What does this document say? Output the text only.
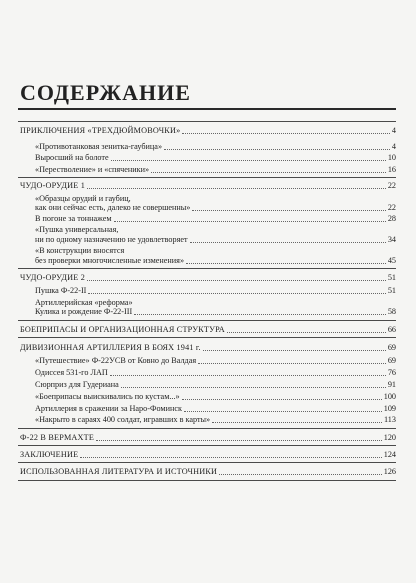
СОДЕРЖАНИЕ
ПРИКЛЮЧЕНИЯ «ТРЕХДЮЙМОВОЧКИ»	4
«Противотанковая зенитка-гаубица»	4
Выросший на болоте	10
«Перестволение» и «спяченики»	16
ЧУДО-ОРУДИЕ 1	22
«Образцы орудий и гаубиц,
как они сейчас есть, далеко не совершенны»	22
В погоне за тоннажем	28
«Пушка универсальная,
ни по одному назначению не удовлетворяет	34
«В конструкции вносятся
без проверки многочисленные изменения»	45
ЧУДО-ОРУДИЕ 2	51
Пушка Ф-22-II	51
Артиллерийская «реформа»
Кулика и рождение Ф-22-III	58
БОЕПРИПАСЫ И ОРГАНИЗАЦИОННАЯ СТРУКТУРА	66
ДИВИЗИОННАЯ АРТИЛЛЕРИЯ В БОЯХ 1941 г.	69
«Путешествие» Ф-22УСВ от Ковно до Валдая	69
Одиссея 531-го ЛАП	76
Сюрприз для Гудериана	91
«Боеприпасы выискивались по кустам...»	100
Артиллерия в сражении за Наро-Фоминск	109
«Накрыто в сараях 400 солдат, игравших в карты»	113
Ф-22 В ВЕРМАХТЕ	120
ЗАКЛЮЧЕНИЕ	124
ИСПОЛЬЗОВАННАЯ ЛИТЕРАТУРА И ИСТОЧНИКИ	126
